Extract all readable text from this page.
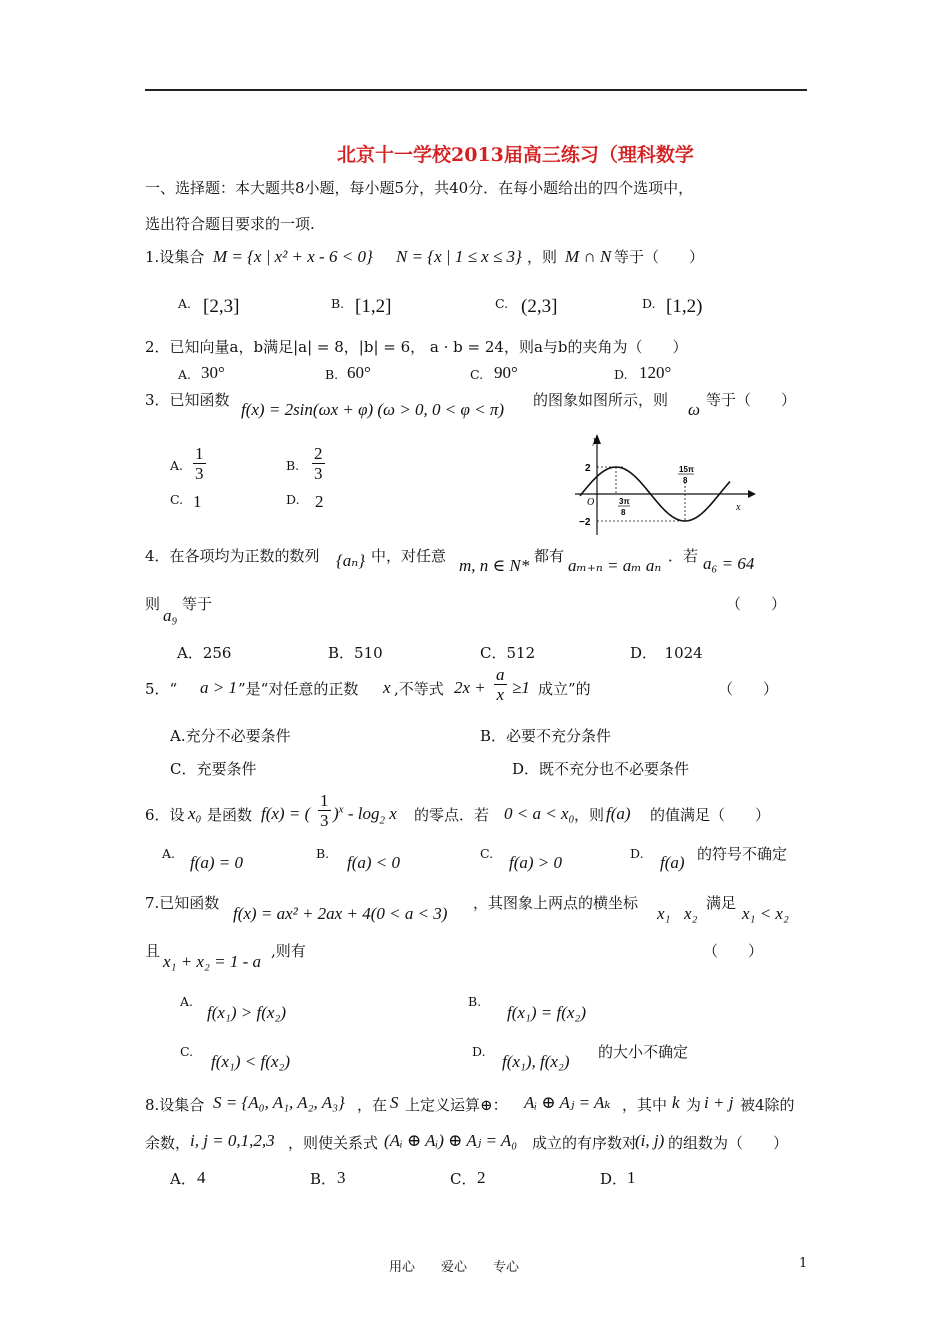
北京十一学校2013届高三练习（理科数学
一、选择题：本大题共8小题，每小题5分，共40分．在每小题给出的四个选项中，
选出符合题目要求的一项.
1.设集合 M = {x | x² + x - 6 < 0} N = {x | 1 ≤ x ≤ 3} ，则 M ∩ N 等于（　　）
A. [2,3]	B. [1,2]	C. (2,3]	D. [1,2)
2．已知向量a，b满足|a| = 8，|b| = 6， a · b = 24，则a与b的夹角为（　　）
A. 30°	B. 60°	C. 90°	D. 120°
3．已知函数 f(x) = 2sin(ωx + φ) (ω > 0, 0 < φ < π) 的图象如图所示，则 ω 等于（　　）
A. $\frac{1}{3}$	B. $\frac{2}{3}$
C. 1	D. 2
y
x
O
2
−2
3π
8
15π
8
4．在各项均为正数的数列 {aₙ} 中，对任意 m, n ∈ N* 都有 aₘ₊ₙ = aₘ aₙ ．若 a₆ = 64
则
a₉
等于	（　　）
A．256	B．510	C．512	D．　1024
5．“ a > 1 ”是“对任意的正数 x ,不等式 $2x + \frac{a}{x} \ge 1$ 成立”的	（　　）
A.充分不必要条件	B．必要不充分条件
C．充要条件	D．既不充分也不必要条件
6．设 x₀ 是函数 f(x) = ( $\frac{1}{3} )^x - \log_2 x$ 的零点．若 0 < a < x₀ ，则 f(a) 的值满足（　　）
A. f(a) = 0	B. f(a) < 0	C. f(a) > 0	D. f(a) 的符号不确定
7.已知函数
f(x) = ax² + 2ax + 4(0 < a < 3)
，其图象上两点的横坐标
x₁ x₂
满足
x₁ < x₂
且
x₁ + x₂ = 1 - a
,则有	（　　）
A.
f(x₁) > f(x₂)
B.
f(x₁) = f(x₂)
C.
f(x₁) < f(x₂)
D.
f(x₁), f(x₂) 的大小不确定
8.设集合 S = {A₀, A₁, A₂, A₃} ，在 S 上定义运算⊕： Aᵢ ⊕ Aⱼ = Aₖ ，其中 k 为 i + j 被4除的
余数， i, j = 0,1,2,3 ，则使关系式 (Aᵢ ⊕ Aᵢ) ⊕ Aⱼ = A₀ 成立的有序数对
(i, j) 的组数为（　　）
A． 4	B． 3	C． 2	D． 1
用心　　爱心　　专心	1
